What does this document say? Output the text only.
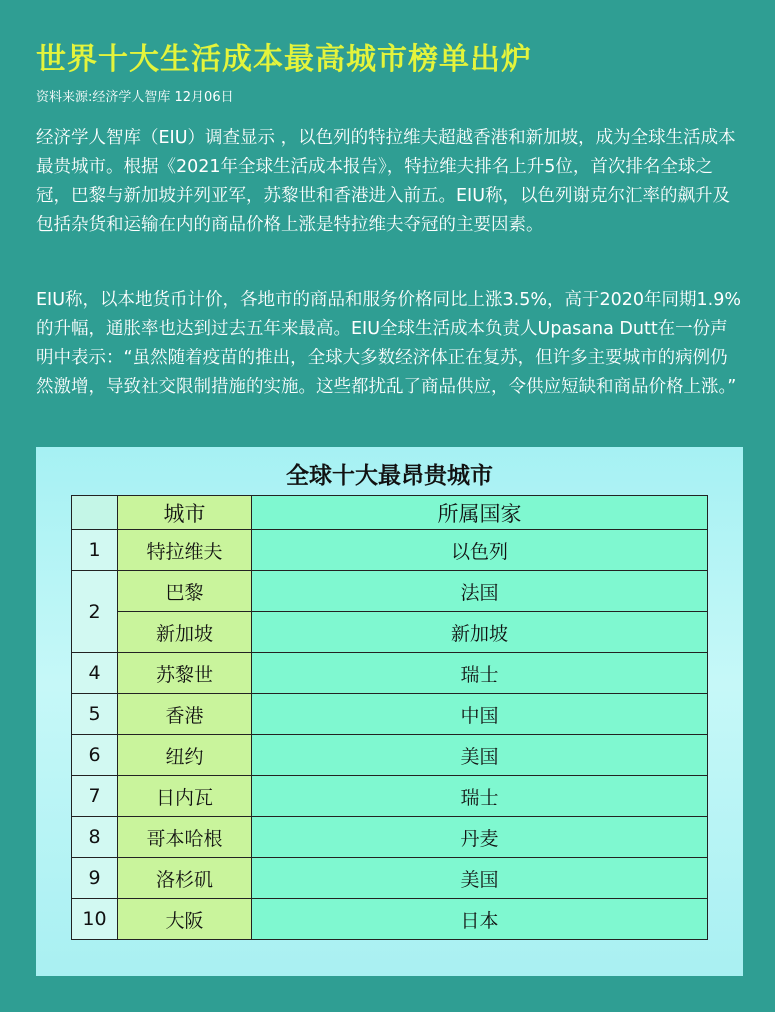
世界十大生活成本最高城市榜单出炉
资料来源:经济学人智库 12月06日

经济学人智库（EIU）调查显示 ，以色列的特拉维夫超越香港和新加坡，成为全球生活成本最贵城市。根据《2021年全球生活成本报告》，特拉维夫排名上升5位，首次排名全球之冠，巴黎与新加坡并列亚军，苏黎世和香港进入前五。EIU称，以色列谢克尔汇率的飙升及包括杂货和运输在内的商品价格上涨是特拉维夫夺冠的主要因素。

EIU称，以本地货币计价，各地市的商品和服务价格同比上涨3.5%，高于2020年同期1.9%的升幅，通胀率也达到过去五年来最高。EIU全球生活成本负责人Upasana Dutt在一份声明中表示：“虽然随着疫苗的推出，全球大多数经济体正在复苏，但许多主要城市的病例仍然激增，导致社交限制措施的实施。这些都扰乱了商品供应，令供应短缺和商品价格上涨。”

全球十大最昂贵城市
	城市	所属国家
1	特拉维夫	以色列
2	巴黎	法国
	新加坡	新加坡
4	苏黎世	瑞士
5	香港	中国
6	纽约	美国
7	日内瓦	瑞士
8	哥本哈根	丹麦
9	洛杉矶	美国
10	大阪	日本
